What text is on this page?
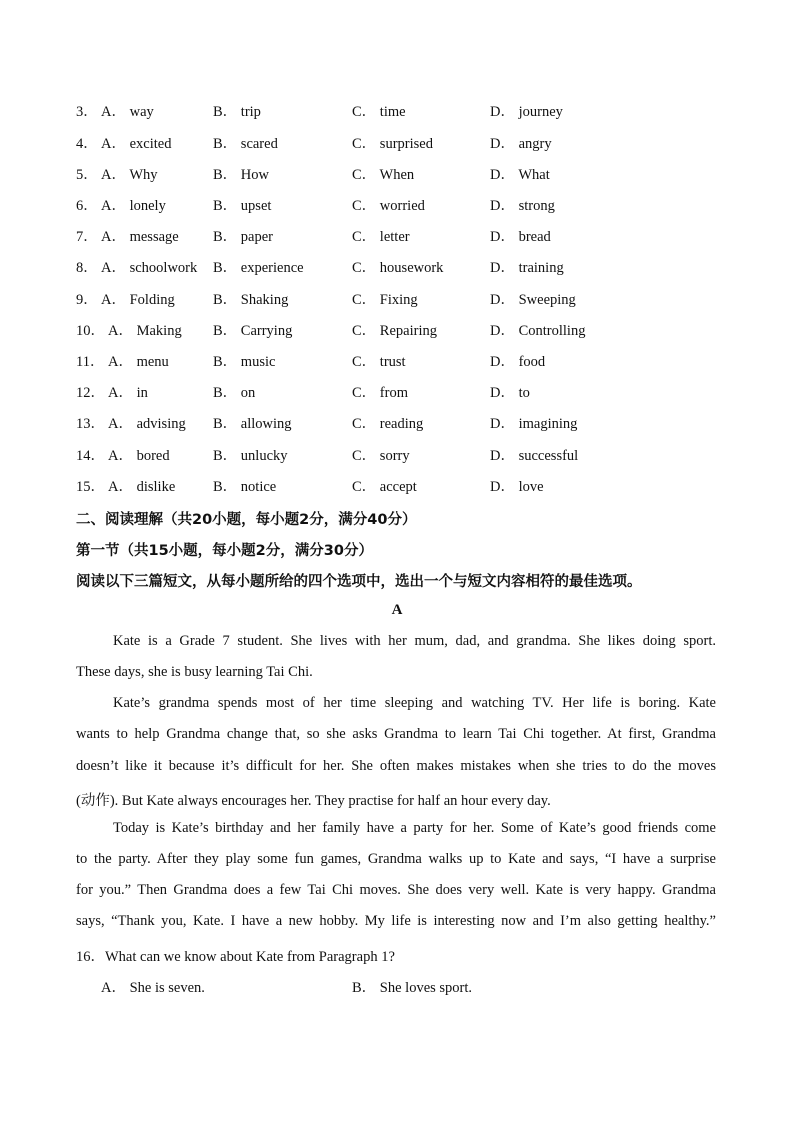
3． A． way	B． trip	C． time	D． journey
4． A． excited	B． scared	C． surprised	D． angry
5． A． Why	B． How	C． When	D． What
6． A． lonely	B． upset	C． worried	D． strong
7． A． message B． paper	C． letter	D． bread
8． A． schoolwork B． experience	C． housework	D． training
9． A． Folding	B． Shaking	C． Fixing	D． Sweeping
10． A． Making B． Carrying	C． Repairing	D． Controlling
11． A． menu	B． music	C． trust	D． food
12． A． in	B． on	C． from	D． to
13． A． advising B． allowing	C． reading	D． imagining
14． A． bored	B． unlucky	C． sorry	D． successful
15． A． dislike	B． notice	C． accept	D． love
二、阅读理解（共20小题，每小题2分，满分40分）
第一节（共15小题，每小题2分，满分30分）
阅读以下三篇短文，从每小题所给的四个选项中，选出一个与短文内容相符的最佳选项。
A
Kate is a Grade 7 student. She lives with her mum, dad, and grandma. She likes doing sport.
These days, she is busy learning Tai Chi.
Kate’s grandma spends most of her time sleeping and watching TV. Her life is boring. Kate
wants to help Grandma change that, so she asks Grandma to learn Tai Chi together. At first, Grandma
doesn’t like it because it’s difficult for her. She often makes mistakes when she tries to do the moves
(动作). But Kate always encourages her. They practise for half an hour every day.
Today is Kate’s birthday and her family have a party for her. Some of Kate’s good friends come
to the party. After they play some fun games, Grandma walks up to Kate and says, “I have a surprise
for you.” Then Grandma does a few Tai Chi moves. She does very well. Kate is very happy. Grandma
says, “Thank you, Kate. I have a new hobby. My life is interesting now and I’m also getting healthy.”
16．What can we know about Kate from Paragraph 1?
A． She is seven.	B． She loves sport.
